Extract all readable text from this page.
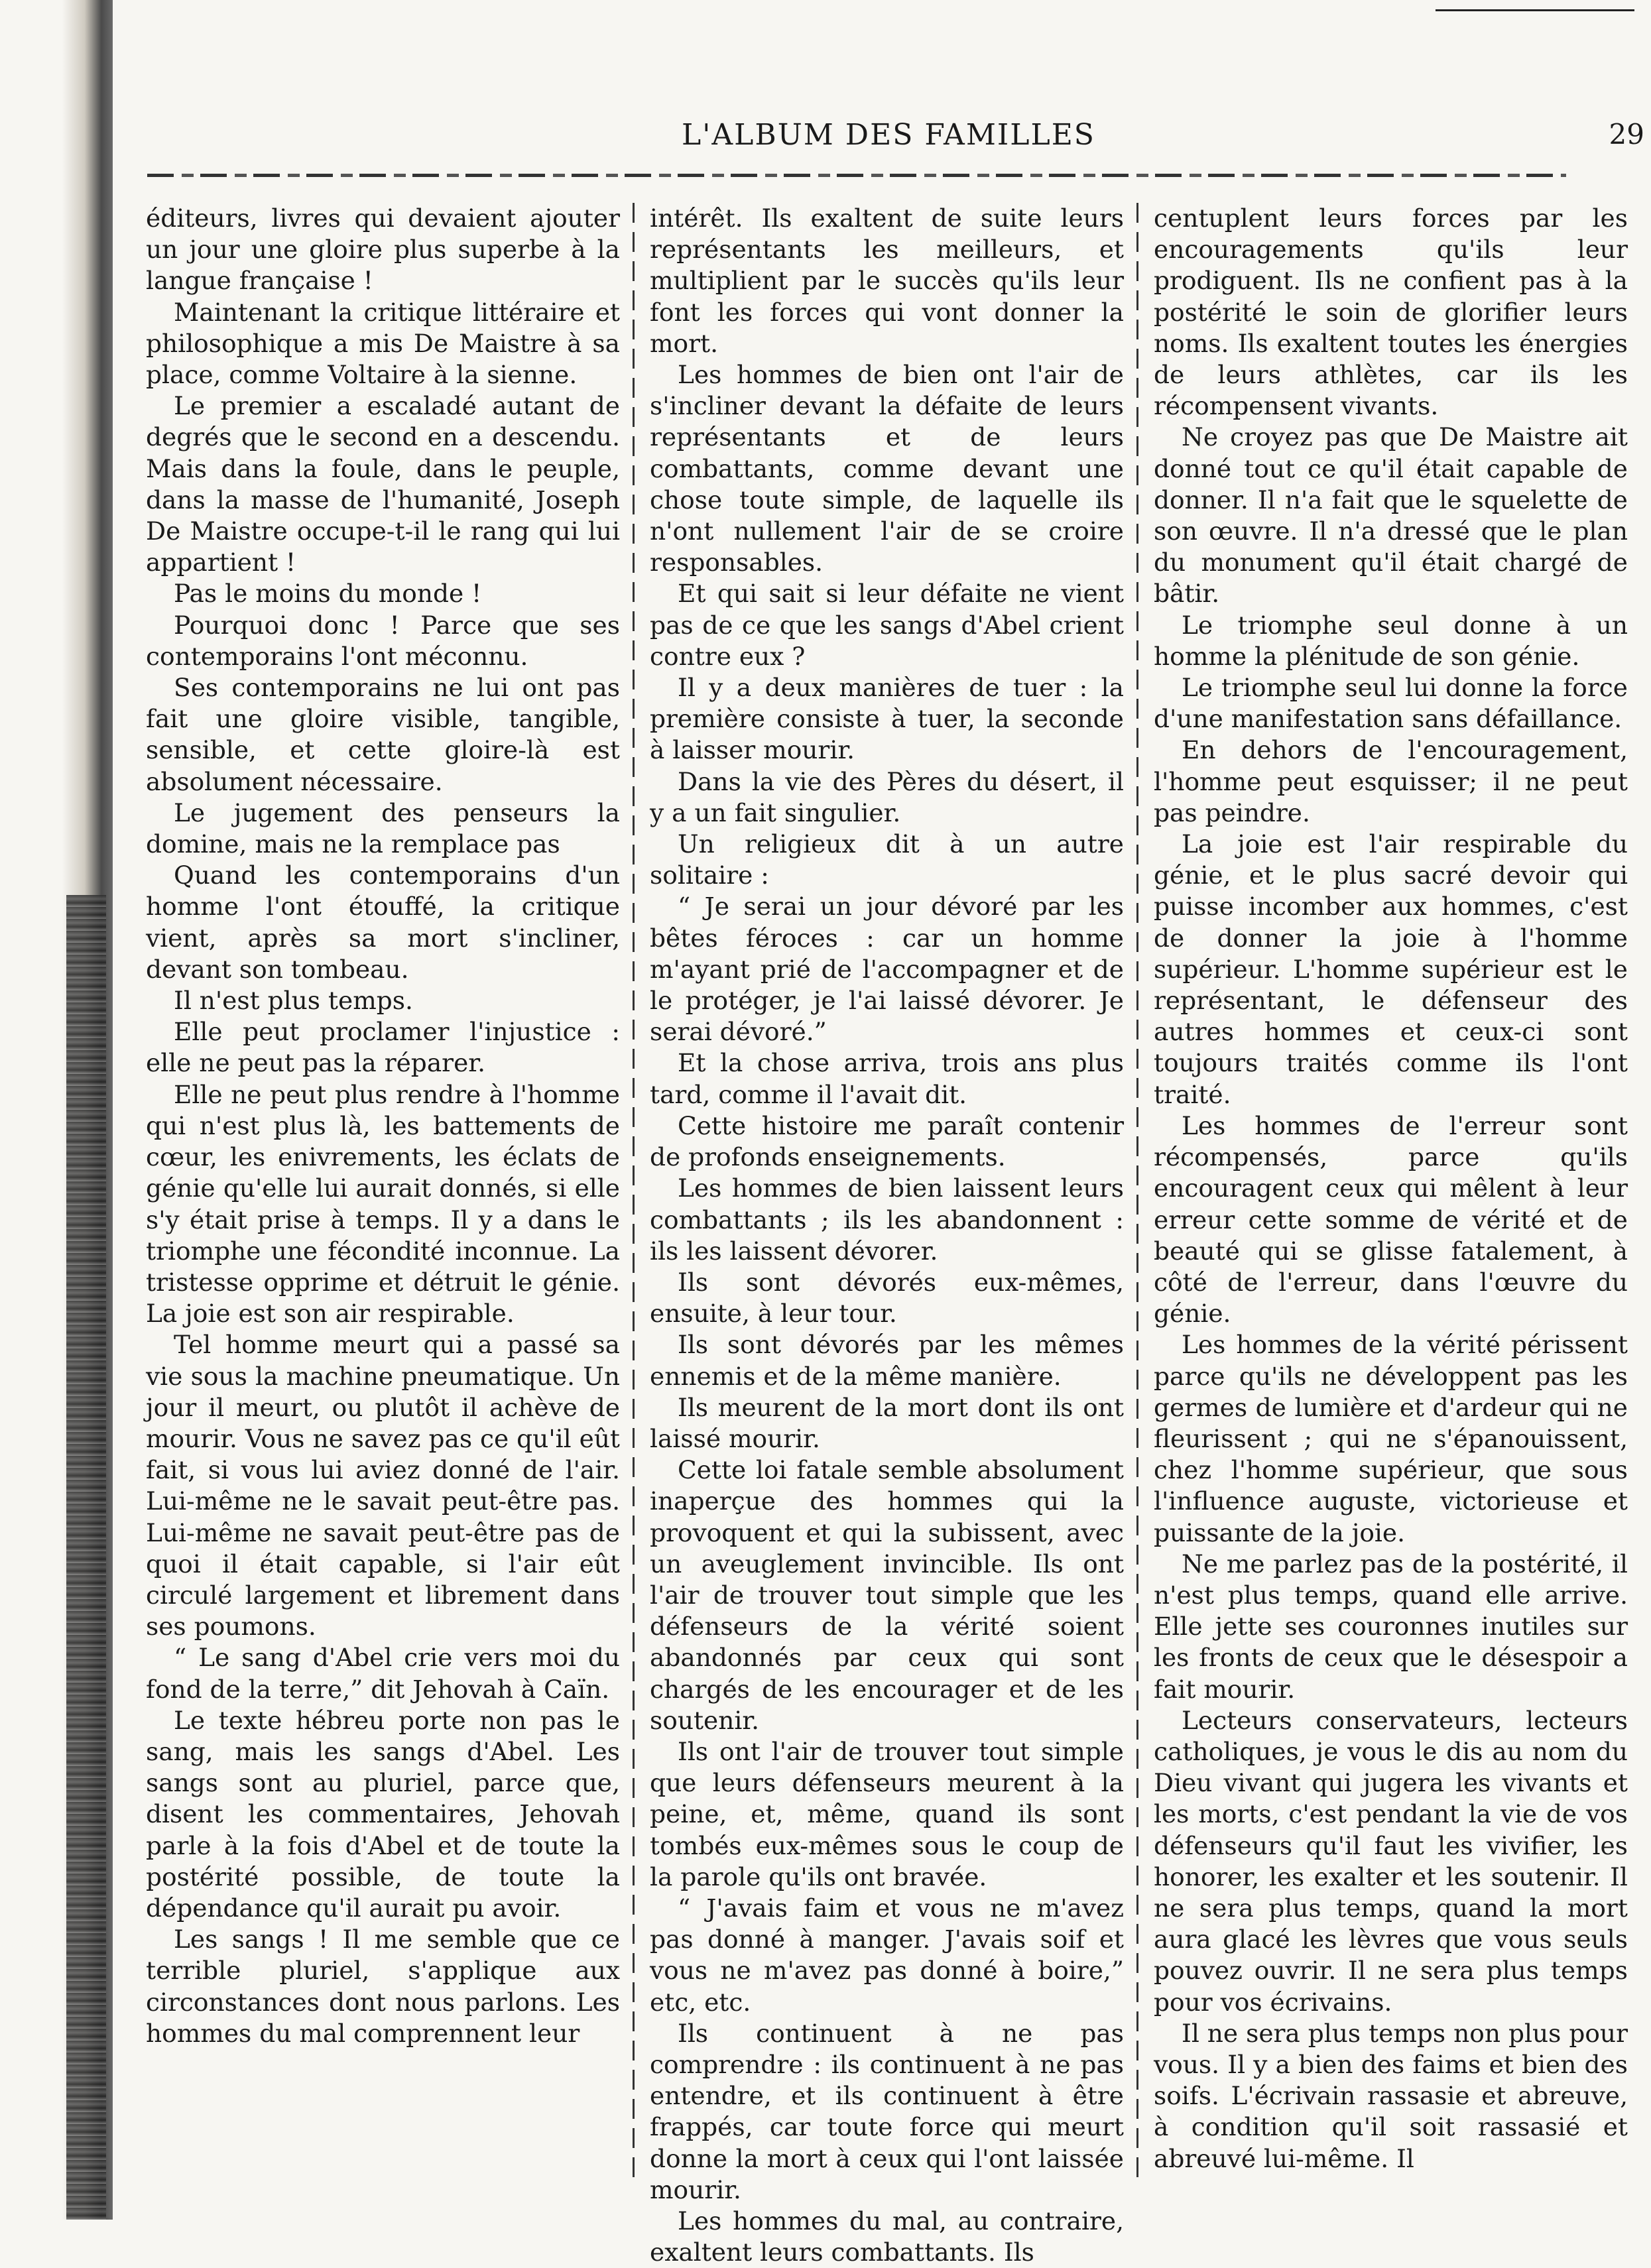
L'ALBUM DES FAMILLES	29

éditeurs, livres qui devaient ajouter un jour une gloire plus superbe à la langue française !

Maintenant la critique littéraire et philosophique a mis De Maistre à sa place, comme Voltaire à la sienne.

Le premier a escaladé autant de degrés que le second en a descendu. Mais dans la foule, dans le peuple, dans la masse de l'humanité, Joseph De Maistre occupe-t-il le rang qui lui appartient !

Pas le moins du monde !

Pourquoi donc ! Parce que ses contemporains l'ont méconnu.

Ses contemporains ne lui ont pas fait une gloire visible, tangible, sensible, et cette gloire-là est absolument nécessaire.

Le jugement des penseurs la domine, mais ne la remplace pas

Quand les contemporains d'un homme l'ont étouffé, la critique vient, après sa mort s'incliner, devant son tombeau.

Il n'est plus temps.

Elle peut proclamer l'injustice : elle ne peut pas la réparer.

Elle ne peut plus rendre à l'homme qui n'est plus là, les battements de cœur, les enivrements, les éclats de génie qu'elle lui aurait donnés, si elle s'y était prise à temps. Il y a dans le triomphe une fécondité inconnue. La tristesse opprime et détruit le génie. La joie est son air respirable.

Tel homme meurt qui a passé sa vie sous la machine pneumatique. Un jour il meurt, ou plutôt il achève de mourir. Vous ne savez pas ce qu'il eût fait, si vous lui aviez donné de l'air. Lui-même ne le savait peut-être pas. Lui-même ne savait peut-être pas de quoi il était capable, si l'air eût circulé largement et librement dans ses poumons.

“ Le sang d'Abel crie vers moi du fond de la terre,” dit Jehovah à Caïn.

Le texte hébreu porte non pas le sang, mais les sangs d'Abel. Les sangs sont au pluriel, parce que, disent les commentaires, Jehovah parle à la fois d'Abel et de toute la postérité possible, de toute la dépendance qu'il aurait pu avoir.

Les sangs ! Il me semble que ce terrible pluriel, s'applique aux circonstances dont nous parlons. Les hommes du mal comprennent leur

intérêt. Ils exaltent de suite leurs représentants les meilleurs, et multiplient par le succès qu'ils leur font les forces qui vont donner la mort.

Les hommes de bien ont l'air de s'incliner devant la défaite de leurs représentants et de leurs combattants, comme devant une chose toute simple, de laquelle ils n'ont nullement l'air de se croire responsables.

Et qui sait si leur défaite ne vient pas de ce que les sangs d'Abel crient contre eux ?

Il y a deux manières de tuer : la première consiste à tuer, la seconde à laisser mourir.

Dans la vie des Pères du désert, il y a un fait singulier.

Un religieux dit à un autre solitaire :

“ Je serai un jour dévoré par les bêtes féroces : car un homme m'ayant prié de l'accompagner et de le protéger, je l'ai laissé dévorer. Je serai dévoré.”

Et la chose arriva, trois ans plus tard, comme il l'avait dit.

Cette histoire me paraît contenir de profonds enseignements.

Les hommes de bien laissent leurs combattants ; ils les abandonnent : ils les laissent dévorer.

Ils sont dévorés eux-mêmes, ensuite, à leur tour.

Ils sont dévorés par les mêmes ennemis et de la même manière.

Ils meurent de la mort dont ils ont laissé mourir.

Cette loi fatale semble absolument inaperçue des hommes qui la provoquent et qui la subissent, avec un aveuglement invincible. Ils ont l'air de trouver tout simple que les défenseurs de la vérité soient abandonnés par ceux qui sont chargés de les encourager et de les soutenir.

Ils ont l'air de trouver tout simple que leurs défenseurs meurent à la peine, et, même, quand ils sont tombés eux-mêmes sous le coup de la parole qu'ils ont bravée.

“ J'avais faim et vous ne m'avez pas donné à manger. J'avais soif et vous ne m'avez pas donné à boire,” etc, etc.

Ils continuent à ne pas comprendre : ils continuent à ne pas entendre, et ils continuent à être frappés, car toute force qui meurt donne la mort à ceux qui l'ont laissée mourir.

Les hommes du mal, au contraire, exaltent leurs combattants. Ils

centuplent leurs forces par les encouragements qu'ils leur prodiguent. Ils ne confient pas à la postérité le soin de glorifier leurs noms. Ils exaltent toutes les énergies de leurs athlètes, car ils les récompensent vivants.

Ne croyez pas que De Maistre ait donné tout ce qu'il était capable de donner. Il n'a fait que le squelette de son œuvre. Il n'a dressé que le plan du monument qu'il était chargé de bâtir.

Le triomphe seul donne à un homme la plénitude de son génie.

Le triomphe seul lui donne la force d'une manifestation sans défaillance.

En dehors de l'encouragement, l'homme peut esquisser; il ne peut pas peindre.

La joie est l'air respirable du génie, et le plus sacré devoir qui puisse incomber aux hommes, c'est de donner la joie à l'homme supérieur. L'homme supérieur est le représentant, le défenseur des autres hommes et ceux-ci sont toujours traités comme ils l'ont traité.

Les hommes de l'erreur sont récompensés, parce qu'ils encouragent ceux qui mêlent à leur erreur cette somme de vérité et de beauté qui se glisse fatalement, à côté de l'erreur, dans l'œuvre du génie.

Les hommes de la vérité périssent parce qu'ils ne développent pas les germes de lumière et d'ardeur qui ne fleurissent ; qui ne s'épanouissent, chez l'homme supérieur, que sous l'influence auguste, victorieuse et puissante de la joie.

Ne me parlez pas de la postérité, il n'est plus temps, quand elle arrive. Elle jette ses couronnes inutiles sur les fronts de ceux que le désespoir a fait mourir.

Lecteurs conservateurs, lecteurs catholiques, je vous le dis au nom du Dieu vivant qui jugera les vivants et les morts, c'est pendant la vie de vos défenseurs qu'il faut les vivifier, les honorer, les exalter et les soutenir. Il ne sera plus temps, quand la mort aura glacé les lèvres que vous seuls pouvez ouvrir. Il ne sera plus temps pour vos écrivains.

Il ne sera plus temps non plus pour vous. Il y a bien des faims et bien des soifs. L'écrivain rassasie et abreuve, à condition qu'il soit rassasié et abreuvé lui-même. Il
